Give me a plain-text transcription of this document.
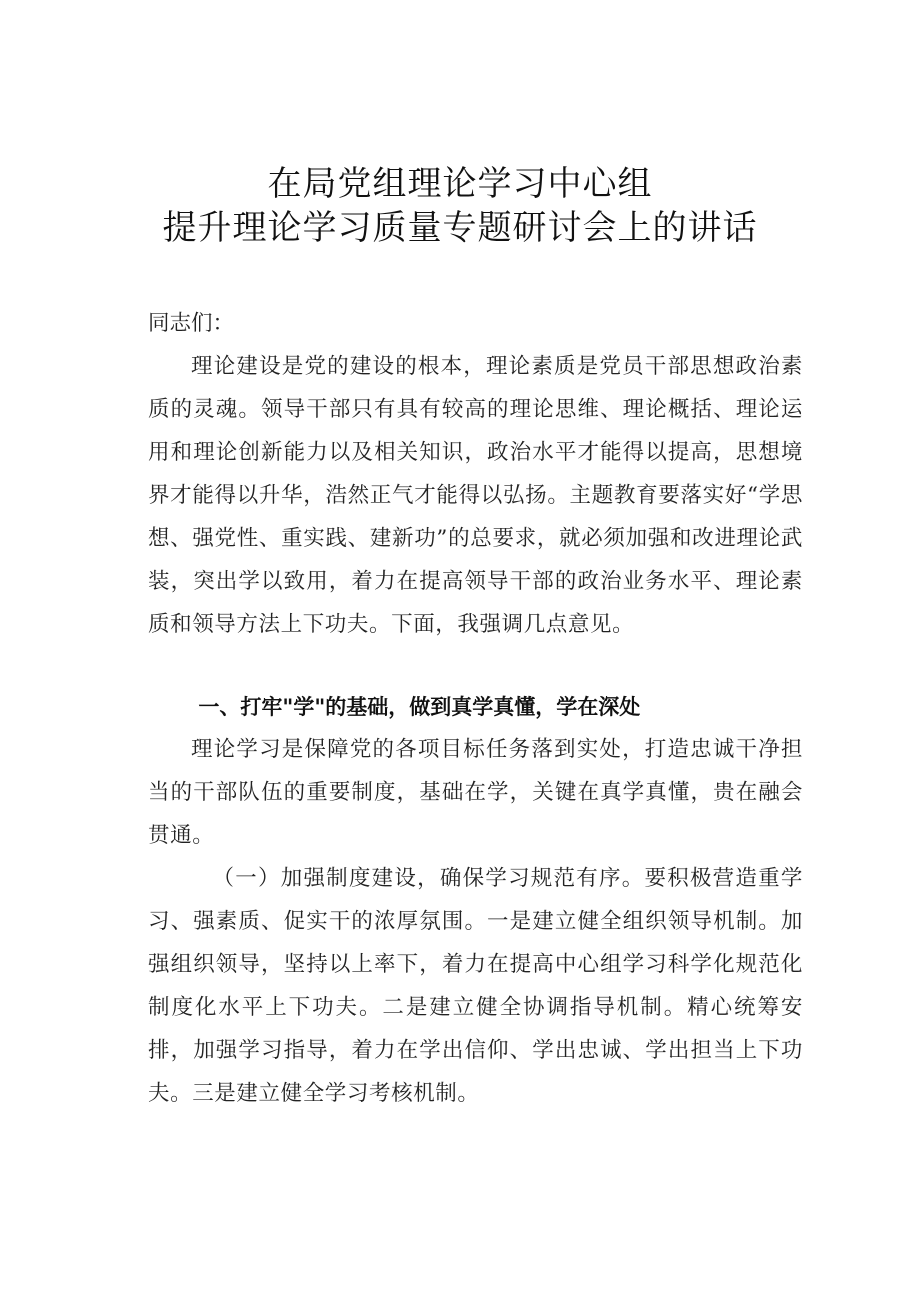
在局党组理论学习中心组
提升理论学习质量专题研讨会上的讲话
同志们：
理论建设是党的建设的根本，理论素质是党员干部思想政治素质的灵魂。领导干部只有具有较高的理论思维、理论概括、理论运用和理论创新能力以及相关知识，政治水平才能得以提高，思想境界才能得以升华，浩然正气才能得以弘扬。主题教育要落实好“学思想、强党性、重实践、建新功”的总要求，就必须加强和改进理论武装，突出学以致用，着力在提高领导干部的政治业务水平、理论素质和领导方法上下功夫。下面，我强调几点意见。
一、打牢"学"的基础，做到真学真懂，学在深处
理论学习是保障党的各项目标任务落到实处，打造忠诚干净担当的干部队伍的重要制度，基础在学，关键在真学真懂，贵在融会贯通。
（一）加强制度建设，确保学习规范有序。要积极营造重学习、强素质、促实干的浓厚氛围。一是建立健全组织领导机制。加强组织领导，坚持以上率下，着力在提高中心组学习科学化规范化制度化水平上下功夫。二是建立健全协调指导机制。精心统筹安排，加强学习指导，着力在学出信仰、学出忠诚、学出担当上下功夫。三是建立健全学习考核机制。
